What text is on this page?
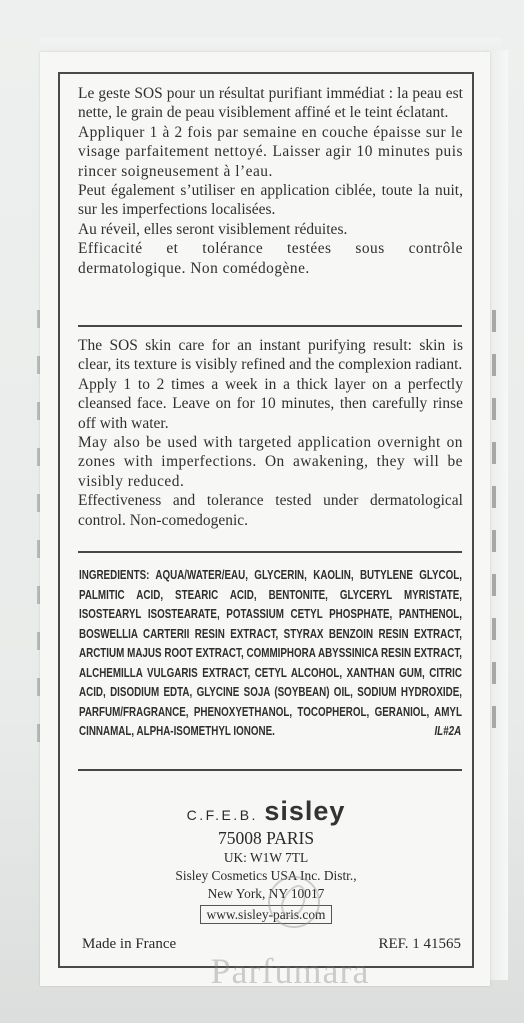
Le geste SOS pour un résultat purifiant immédiat : la peau est nette, le grain de peau visiblement affiné et le teint éclatant.

Appliquer 1 à 2 fois par semaine en couche épaisse sur le visage parfaitement nettoyé. Laisser agir 10 minutes puis rincer soigneusement à l’eau.

Peut également s’utiliser en application ciblée, toute la nuit, sur les imperfections localisées.

Au réveil, elles seront visiblement réduites.

Efficacité et tolérance testées sous contrôle dermatologique. Non comédogène.

The SOS skin care for an instant purifying result: skin is clear, its texture is visibly refined and the complexion radiant.

Apply 1 to 2 times a week in a thick layer on a perfectly cleansed face. Leave on for 10 minutes, then carefully rinse off with water.

May also be used with targeted application overnight on zones with imperfections. On awakening, they will be visibly reduced.

Effectiveness and tolerance tested under dermatological control. Non-comedogenic.

INGREDIENTS: AQUA/WATER/EAU, GLYCERIN, KAOLIN, BUTYLENE GLYCOL, PALMITIC ACID, STEARIC ACID, BENTONITE, GLYCERYL MYRISTATE, ISOSTEARYL ISOSTEARATE, POTASSIUM CETYL PHOSPHATE, PANTHENOL, BOSWELLIA CARTERII RESIN EXTRACT, STYRAX BENZOIN RESIN EXTRACT, ARCTIUM MAJUS ROOT EXTRACT, COMMIPHORA ABYSSINICA RESIN EXTRACT, ALCHEMILLA VULGARIS EXTRACT, CETYL ALCOHOL, XANTHAN GUM, CITRIC ACID, DISODIUM EDTA, GLYCINE SOJA (SOYBEAN) OIL, SODIUM HYDROXIDE, PARFUM/FRAGRANCE, PHENOXYETHANOL, TOCOPHEROL, GERANIOL, AMYL CINNAMAL, ALPHA-ISOMETHYL IONONE.	IL#2A
C.F.E.B. sisley
75008 PARIS
UK: W1W 7TL
Sisley Cosmetics USA Inc. Distr.,
New York, NY 10017
www.sisley-paris.com
Made in France	REF. 1 41565
Parfumara
